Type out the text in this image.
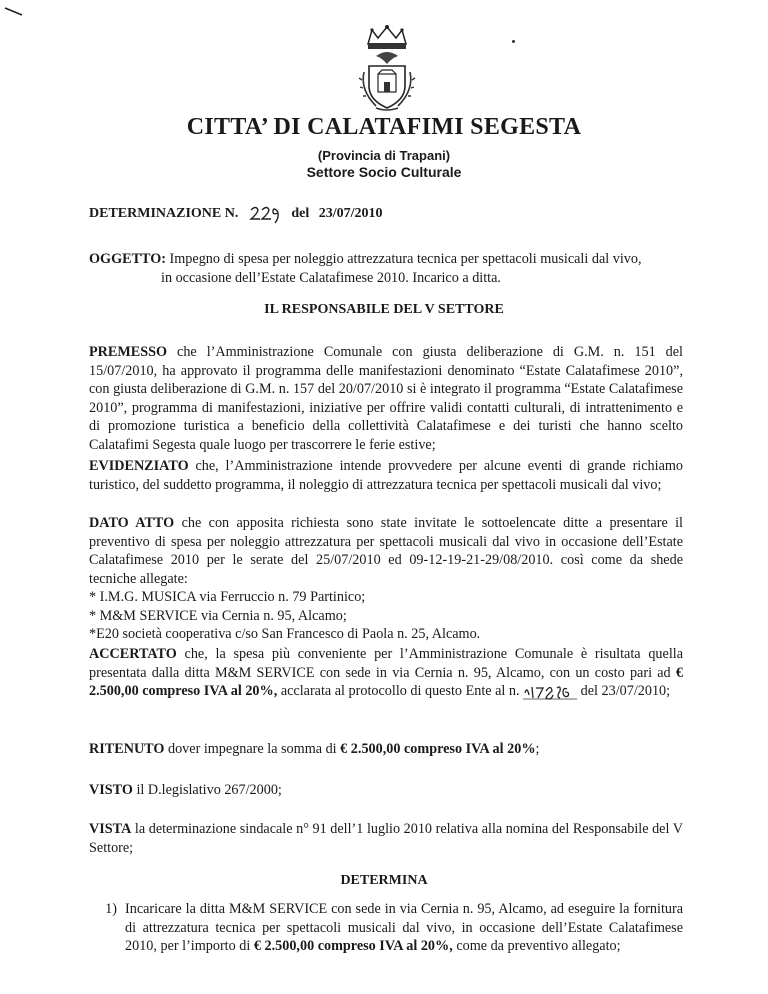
CITTA’ DI CALATAFIMI SEGESTA
(Provincia di Trapani)
Settore Socio Culturale
DETERMINAZIONE N.	del 23/07/2010
OGGETTO: Impegno di spesa per noleggio attrezzatura tecnica per spettacoli musicali dal vivo,
in occasione dell’Estate Calatafimese 2010. Incarico a ditta.
IL RESPONSABILE DEL V SETTORE
PREMESSO che l’Amministrazione Comunale con giusta deliberazione di G.M. n. 151 del 15/07/2010, ha approvato il programma delle manifestazioni denominato “Estate Calatafimese 2010”, con giusta deliberazione di G.M. n. 157 del 20/07/2010 si è integrato il programma “Estate Calatafimese 2010”, programma di manifestazioni, iniziative per offrire validi contatti culturali, di intrattenimento e di promozione turistica a beneficio della collettività Calatafimese e dei turisti che hanno scelto Calatafimi Segesta quale luogo per trascorrere le ferie estive;
EVIDENZIATO che, l’Amministrazione intende provvedere per alcune eventi di grande richiamo turistico, del suddetto programma, il noleggio di attrezzatura tecnica per spettacoli musicali dal vivo;
DATO ATTO che con apposita richiesta sono state invitate le sottoelencate ditte a presentare il preventivo di spesa per noleggio attrezzatura per spettacoli musicali dal vivo in occasione dell’Estate Calatafimese 2010 per le serate del 25/07/2010 ed 09-12-19-21-29/08/2010. così come da shede tecniche allegate:
* I.M.G. MUSICA via Ferruccio n. 79 Partinico;
* M&M SERVICE via Cernia n. 95, Alcamo;
*E20 società cooperativa c/so San Francesco di Paola n. 25, Alcamo.
ACCERTATO che, la spesa più conveniente per l’Amministrazione Comunale è risultata quella presentata dalla ditta M&M SERVICE con sede in via Cernia n. 95, Alcamo, con un costo pari ad € 2.500,00 compreso IVA al 20%, acclarata al protocollo di questo Ente al n.	del 23/07/2010;
RITENUTO dover impegnare la somma di € 2.500,00 compreso IVA al 20%;
VISTO il D.legislativo 267/2000;
VISTA la determinazione sindacale n° 91 dell’1 luglio 2010 relativa alla nomina del Responsabile del V Settore;
DETERMINA
1) Incaricare la ditta M&M SERVICE con sede in via Cernia n. 95, Alcamo, ad eseguire la fornitura di attrezzatura tecnica per spettacoli musicali dal vivo, in occasione dell’Estate Calatafimese 2010, per l’importo di € 2.500,00 compreso IVA al 20%, come da preventivo allegato;
